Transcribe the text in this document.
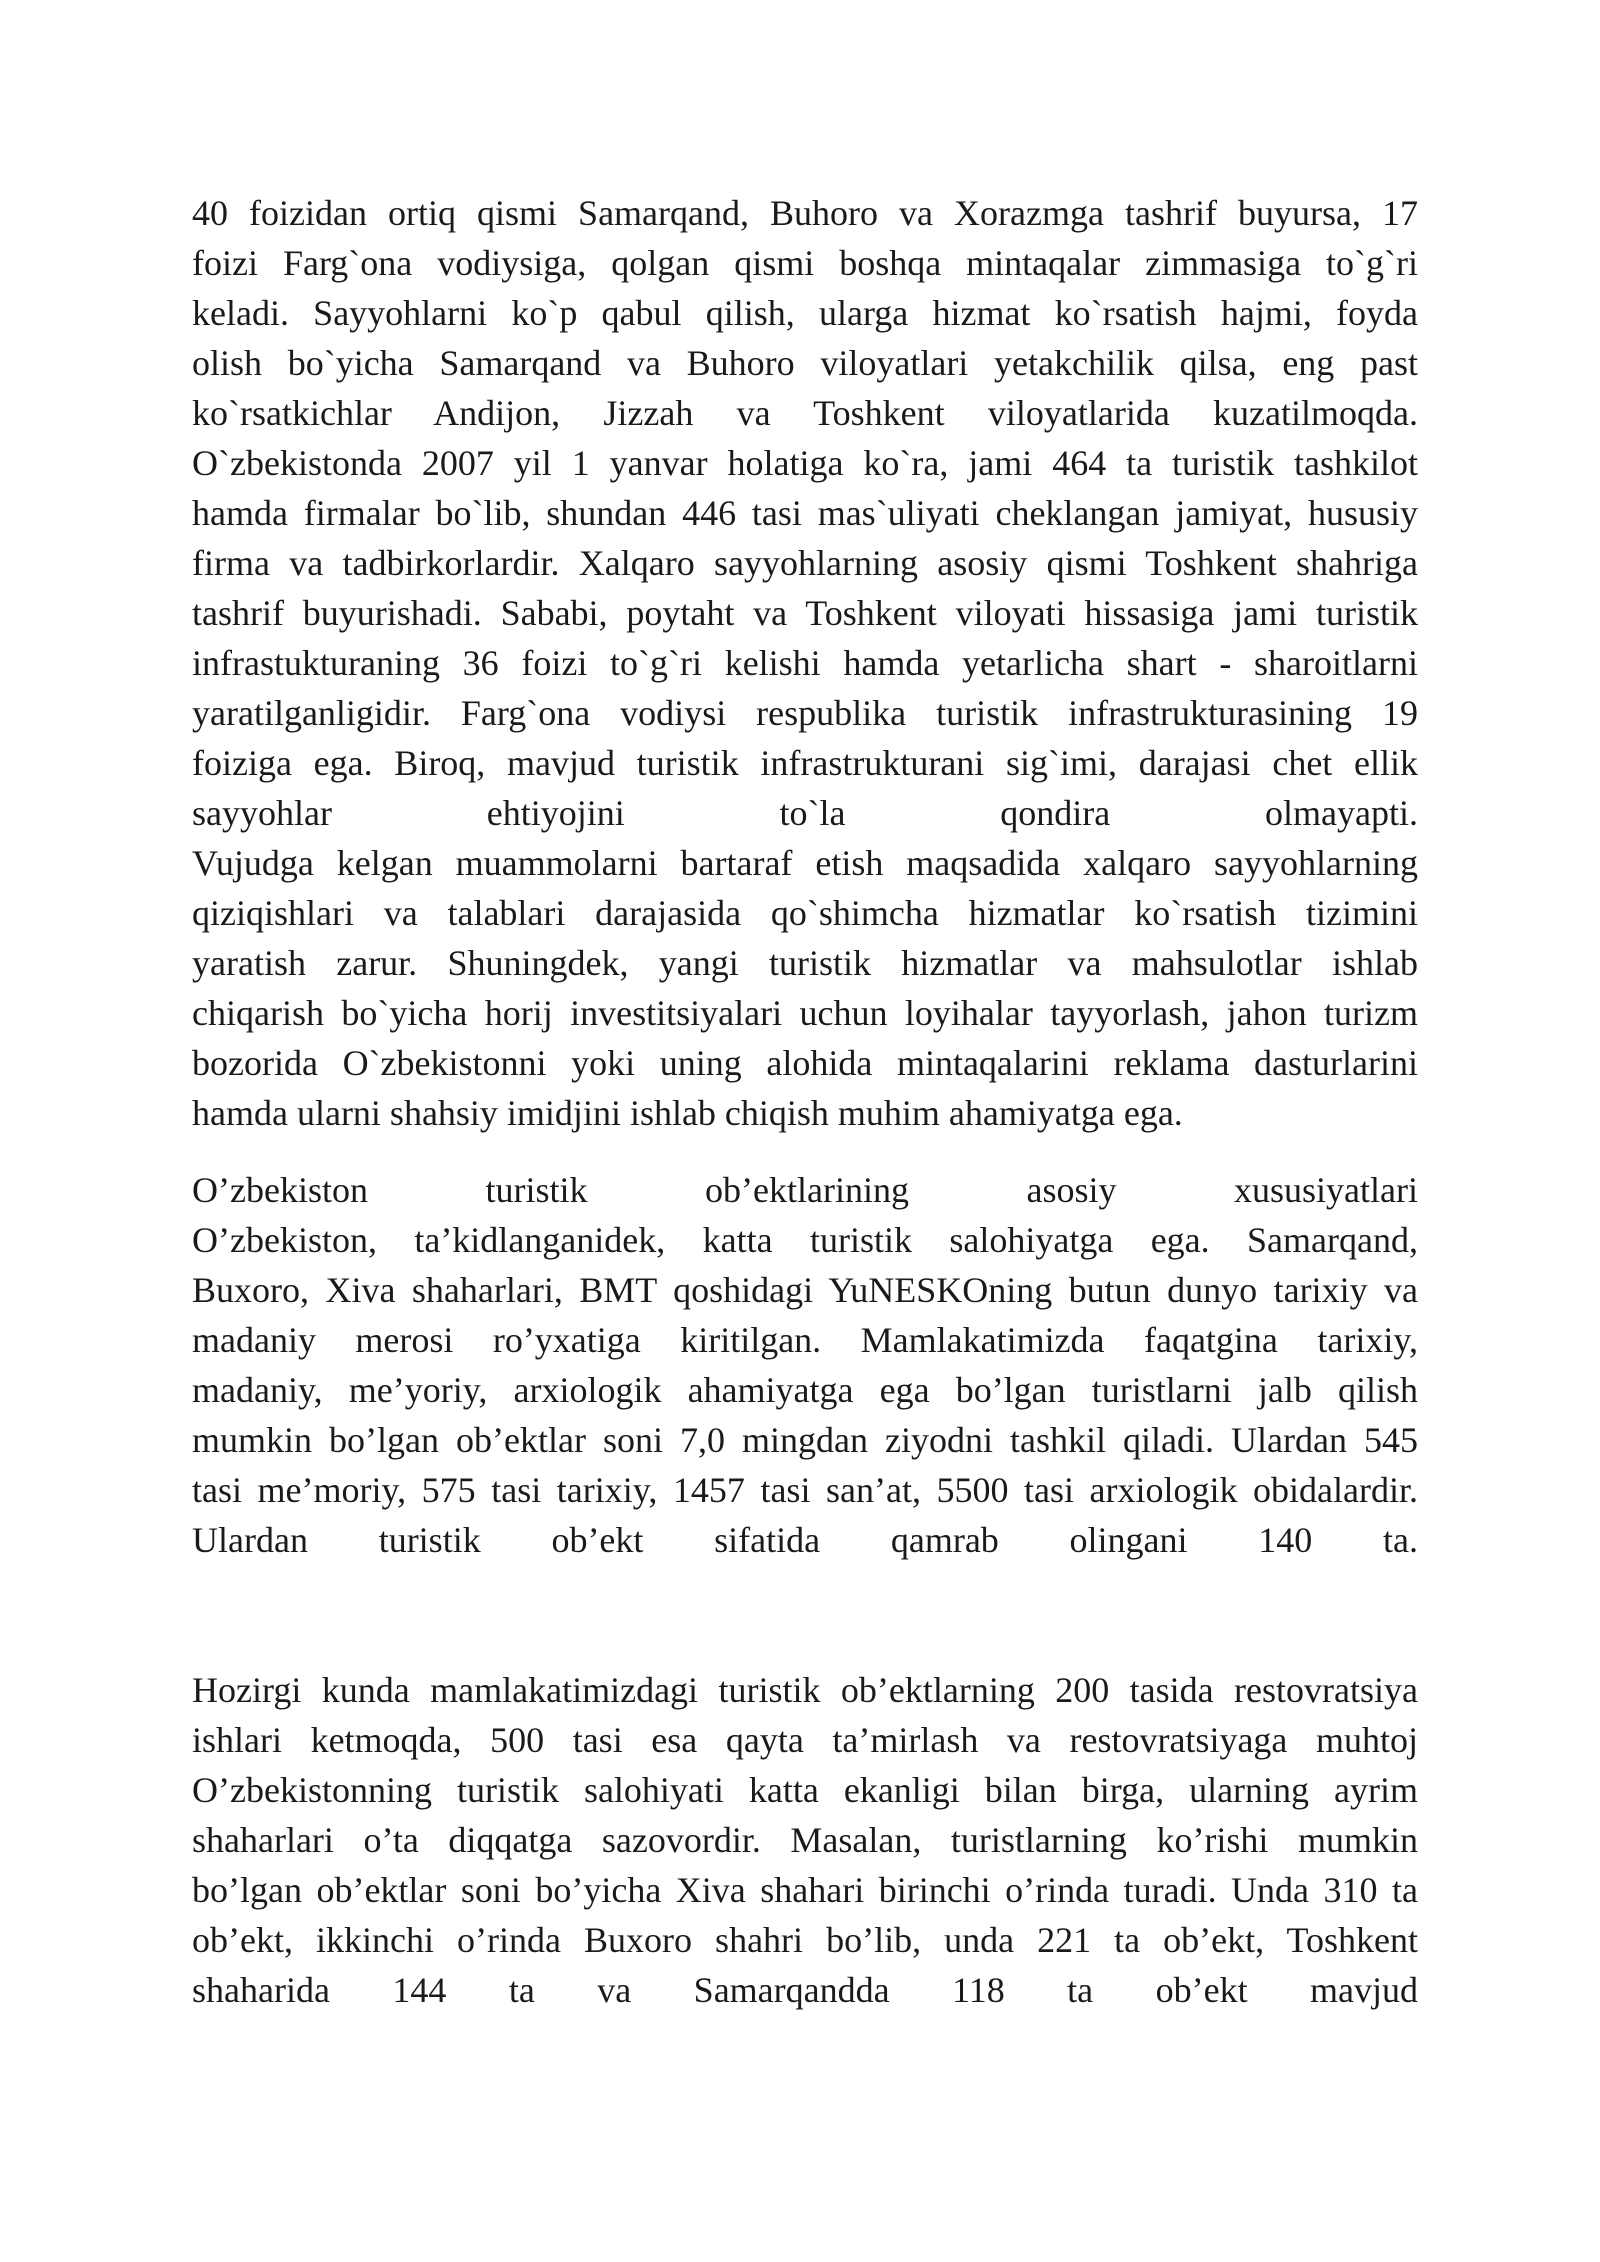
40 foizidan ortiq qismi Samarqand, Buhoro va Xorazmga tashrif buyursa, 17
foizi Farg`ona vodiysiga, qolgan qismi boshqa mintaqalar zimmasiga to`g`ri
keladi. Sayyohlarni ko`p qabul qilish, ularga hizmat ko`rsatish hajmi, foyda
olish bo`yicha Samarqand va Buhoro viloyatlari yetakchilik qilsa, eng past
ko`rsatkichlar Andijon, Jizzah va Toshkent viloyatlarida kuzatilmoqda.
O`zbekistonda 2007 yil 1 yanvar holatiga ko`ra, jami 464 ta turistik tashkilot
hamda firmalar bo`lib, shundan 446 tasi mas`uliyati cheklangan jamiyat, hususiy
firma va tadbirkorlardir. Xalqaro sayyohlarning asosiy qismi Toshkent shahriga
tashrif buyurishadi. Sababi, poytaht va Toshkent viloyati hissasiga jami turistik
infrastukturaning 36 foizi to`g`ri kelishi hamda yetarlicha shart - sharoitlarni
yaratilganligidir. Farg`ona vodiysi respublika turistik infrastrukturasining 19
foiziga ega. Biroq, mavjud turistik infrastrukturani sig`imi, darajasi chet ellik
sayyohlar ehtiyojini to`la qondira olmayapti.
Vujudga kelgan muammolarni bartaraf etish maqsadida xalqaro sayyohlarning
qiziqishlari va talablari darajasida qo`shimcha hizmatlar ko`rsatish tizimini
yaratish zarur. Shuningdek, yangi turistik hizmatlar va mahsulotlar ishlab
chiqarish bo`yicha horij investitsiyalari uchun loyihalar tayyorlash, jahon turizm
bozorida O`zbekistonni yoki uning alohida mintaqalarini reklama dasturlarini
hamda ularni shahsiy imidjini ishlab chiqish muhim ahamiyatga ega.
O’zbekiston turistik ob’ektlarining asosiy xususiyatlari
O’zbekiston, ta’kidlanganidek, katta turistik salohiyatga ega. Samarqand,
Buxoro, Xiva shaharlari, BMT qoshidagi YuNESKOning butun dunyo tarixiy va
madaniy merosi ro’yxatiga kiritilgan. Mamlakatimizda faqatgina tarixiy,
madaniy, me’yoriy, arxiologik ahamiyatga ega bo’lgan turistlarni jalb qilish
mumkin bo’lgan ob’ektlar soni 7,0 mingdan ziyodni tashkil qiladi. Ulardan 545
tasi me’moriy, 575 tasi tarixiy, 1457 tasi san’at, 5500 tasi arxiologik obidalardir.
Ulardan turistik ob’ekt sifatida qamrab olingani 140 ta.
Hozirgi kunda mamlakatimizdagi turistik ob’ektlarning 200 tasida restovratsiya
ishlari ketmoqda, 500 tasi esa qayta ta’mirlash va restovratsiyaga muhtoj
O’zbekistonning turistik salohiyati katta ekanligi bilan birga, ularning ayrim
shaharlari o’ta diqqatga sazovordir. Masalan, turistlarning ko’rishi mumkin
bo’lgan ob’ektlar soni bo’yicha Xiva shahari birinchi o’rinda turadi. Unda 310 ta
ob’ekt, ikkinchi o’rinda Buxoro shahri bo’lib, unda 221 ta ob’ekt, Toshkent
shaharida 144 ta va Samarqandda 118 ta ob’ekt mavjud
